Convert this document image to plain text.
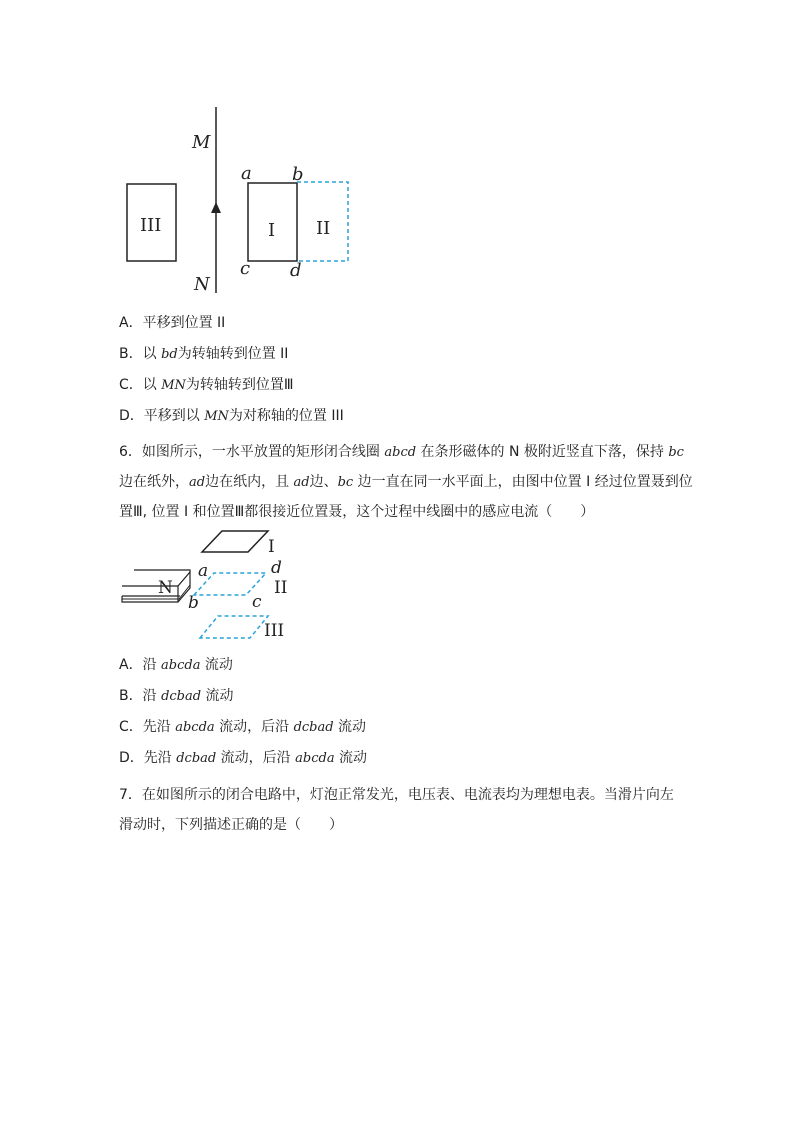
M
N
III	I II
a b
c d
A．平移到位置 II
B．以 bd为转轴转到位置 II
C．以 MN为转轴转到位置Ⅲ
D．平移到以 MN为对称轴的位置 III
6．如图所示，一水平放置的矩形闭合线圈 abcd 在条形磁体的 N 极附近竖直下落，保持 bc
边在纸外，ad边在纸内，且 ad边、bc 边一直在同一水平面上，由图中位置 I 经过位置聂到位
置Ⅲ, 位置 I 和位置Ⅲ都很接近位置聂，这个过程中线圈中的感应电流（　　）
N
I
a	d
b	c
II
III
A．沿 abcda 流动
B．沿 dcbad 流动
C．先沿 abcda 流动，后沿 dcbad 流动
D．先沿 dcbad 流动，后沿 abcda 流动
7．在如图所示的闭合电路中，灯泡正常发光，电压表、电流表均为理想电表。当滑片向左
滑动时，下列描述正确的是（　　）
